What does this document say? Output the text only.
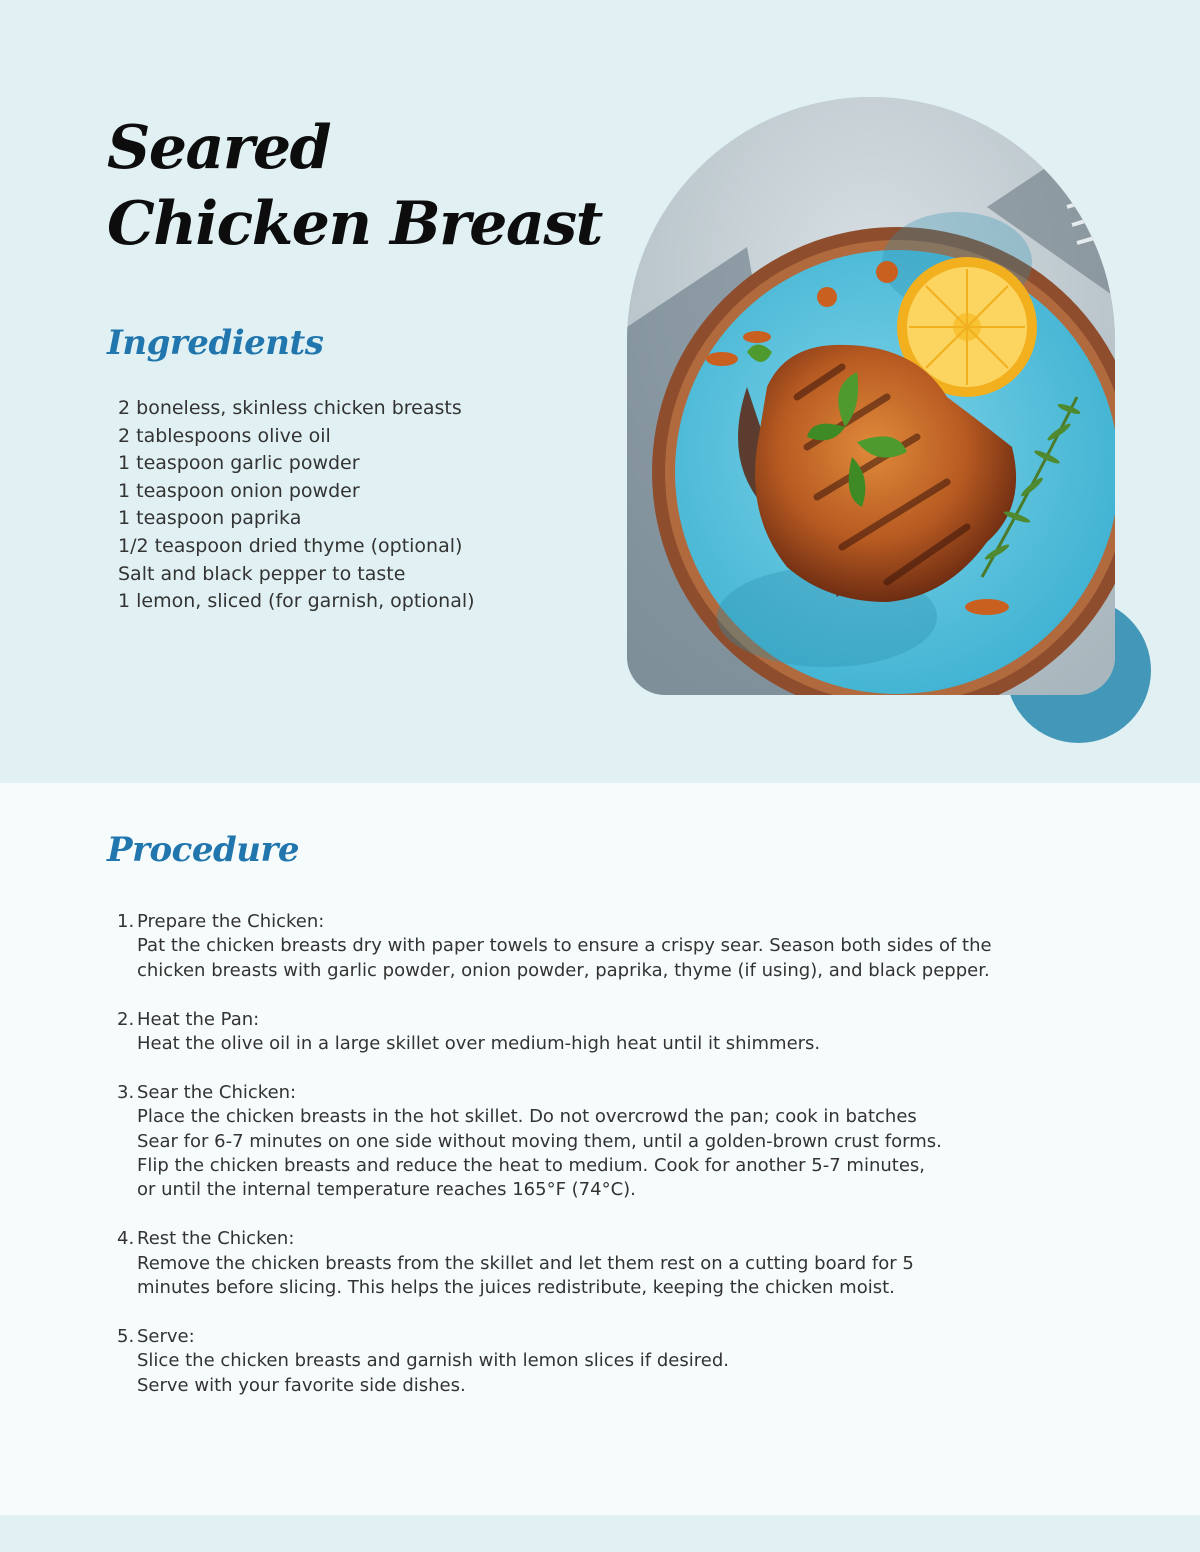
Seared Chicken Breast
Ingredients
2 boneless, skinless chicken breasts
2 tablespoons olive oil
1 teaspoon garlic powder
1 teaspoon onion powder
1 teaspoon paprika
1/2 teaspoon dried thyme (optional)
Salt and black pepper to taste
1 lemon, sliced (for garnish, optional)
Procedure
1. Prepare the Chicken:
Pat the chicken breasts dry with paper towels to ensure a crispy sear. Season both sides of the
chicken breasts with garlic powder, onion powder, paprika, thyme (if using), and black pepper.
2. Heat the Pan:
Heat the olive oil in a large skillet over medium-high heat until it shimmers.
3. Sear the Chicken:
Place the chicken breasts in the hot skillet. Do not overcrowd the pan; cook in batches
Sear for 6-7 minutes on one side without moving them, until a golden-brown crust forms.
Flip the chicken breasts and reduce the heat to medium. Cook for another 5-7 minutes,
or until the internal temperature reaches 165°F (74°C).
4. Rest the Chicken:
Remove the chicken breasts from the skillet and let them rest on a cutting board for 5
minutes before slicing. This helps the juices redistribute, keeping the chicken moist.
5. Serve:
Slice the chicken breasts and garnish with lemon slices if desired.
Serve with your favorite side dishes.
